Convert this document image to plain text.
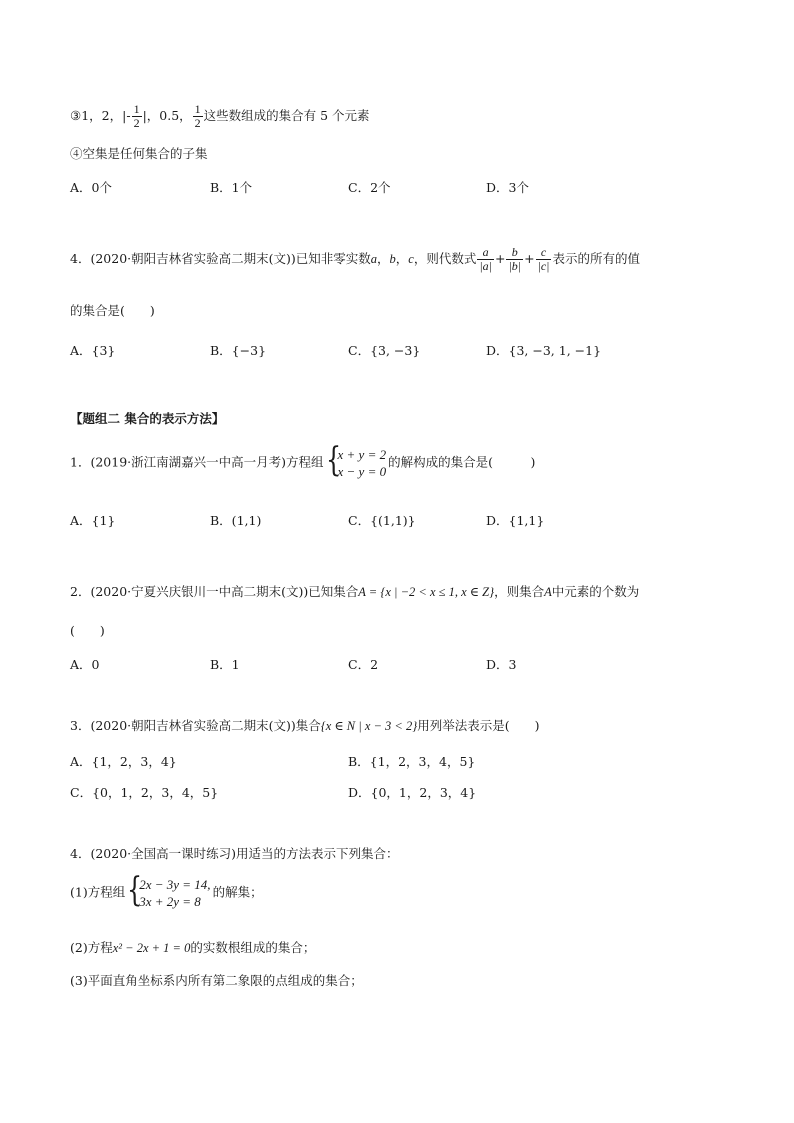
③1，2，|- $\frac{1}{2}$ |，0.5， $\frac{1}{2}$ 这些数组成的集合有 5 个元素
④空集是任何集合的子集
A．0个	B．1个	C．2个	D．3个
4．(2020·朝阳吉林省实验高二期末(文))已知非零实数a，b，c，则代数式 $\frac{a}{|a|} + \frac{b}{|b|} + \frac{c}{|c|}$ 表示的所有的值
的集合是(　　)
A．{3}	B．{−3}	C．{3, −3}	D．{3, −3, 1, −1}
【题组二 集合的表示方法】
1．(2019·浙江南湖嘉兴一中高一月考)方程组 {
x + y = 2
x − y = 0
的解构成的集合是(　　　)
A．{1}	B．(1,1)	C．{(1,1)}	D．{1,1}
2．(2020·宁夏兴庆银川一中高二期末(文))已知集合A = {x | −2 < x ≤ 1, x ∈ Z}，则集合A中元素的个数为
(　　)
A．0	B．1	C．2	D．3
3．(2020·朝阳吉林省实验高二期末(文))集合{x ∈ N | x − 3 < 2}用列举法表示是(　　)
A．{1，2，3，4}	B．{1，2，3，4，5}
C．{0，1，2，3，4，5}	D．{0，1，2，3，4}
4．(2020·全国高一课时练习)用适当的方法表示下列集合：
(1)方程组 {
2x − 3y = 14,
3x + 2y = 8
的解集；
(2)方程x² − 2x + 1 = 0的实数根组成的集合；
(3)平面直角坐标系内所有第二象限的点组成的集合；
